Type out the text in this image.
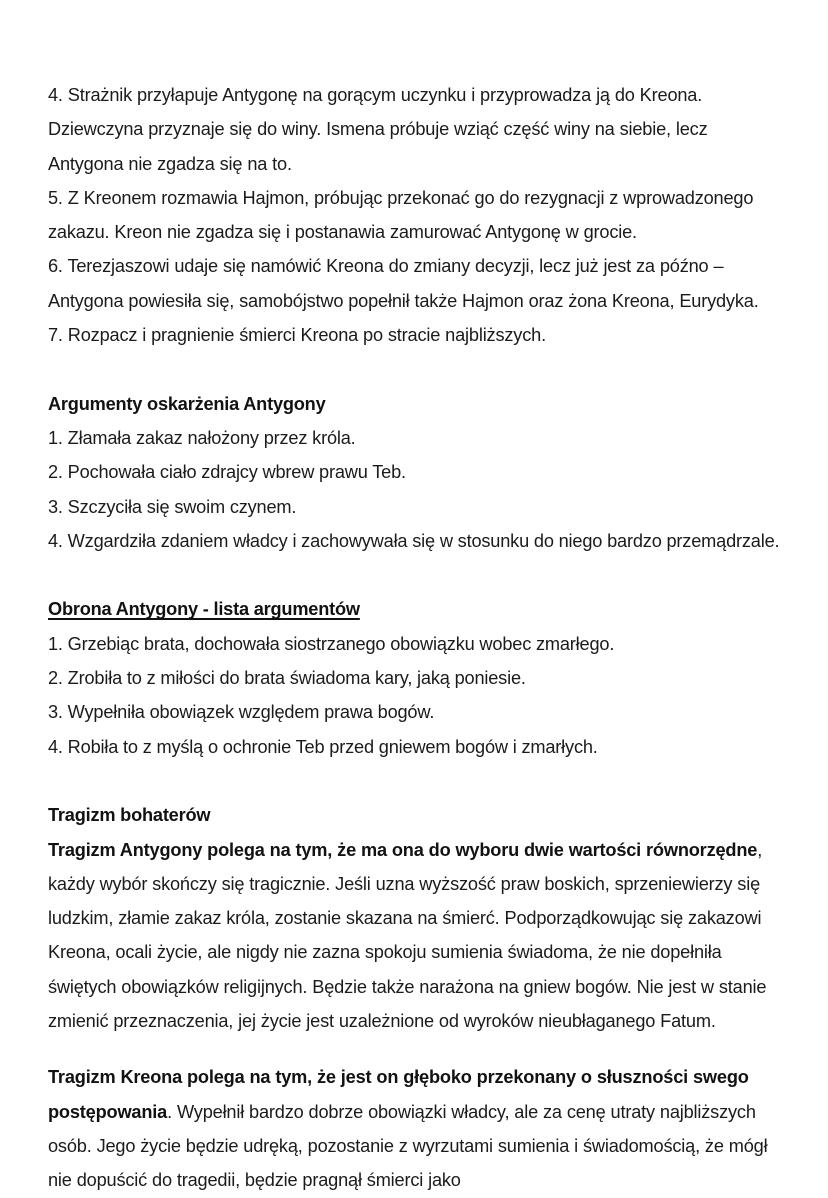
4. Strażnik przyłapuje Antygonę na gorącym uczynku i przyprowadza ją do Kreona. Dziewczyna przyznaje się do winy. Ismena próbuje wziąć część winy na siebie, lecz Antygona nie zgadza się na to.

5. Z Kreonem rozmawia Hajmon, próbując przekonać go do rezygnacji z wprowadzonego zakazu. Kreon nie zgadza się i postanawia zamurować Antygonę w grocie.

6. Terezjaszowi udaje się namówić Kreona do zmiany decyzji, lecz już jest za późno – Antygona powiesiła się, samobójstwo popełnił także Hajmon oraz żona Kreona, Eurydyka.

7. Rozpacz i pragnienie śmierci Kreona po stracie najbliższych.

Argumenty oskarżenia Antygony
1. Złamała zakaz nałożony przez króla.
2. Pochowała ciało zdrajcy wbrew prawu Teb.
3. Szczyciła się swoim czynem.
4. Wzgardziła zdaniem władcy i zachowywała się w stosunku do niego bardzo przemądrzale.
Obrona Antygony - lista argumentów
1. Grzebiąc brata, dochowała siostrzanego obowiązku wobec zmarłego.
2. Zrobiła to z miłości do brata świadoma kary, jaką poniesie.
3. Wypełniła obowiązek względem prawa bogów.
4. Robiła to z myślą o ochronie Teb przed gniewem bogów i zmarłych.
Tragizm bohaterów

Tragizm Antygony polega na tym, że ma ona do wyboru dwie wartości równorzędne, każdy wybór skończy się tragicznie. Jeśli uzna wyższość praw boskich, sprzeniewierzy się ludzkim, złamie zakaz króla, zostanie skazana na śmierć. Podporządkowując się zakazowi Kreona, ocali życie, ale nigdy nie zazna spokoju sumienia świadoma, że nie dopełniła świętych obowiązków religijnych. Będzie także narażona na gniew bogów. Nie jest w stanie zmienić przeznaczenia, jej życie jest uzależnione od wyroków nieubłaganego Fatum.

Tragizm Kreona polega na tym, że jest on głęboko przekonany o słuszności swego postępowania. Wypełnił bardzo dobrze obowiązki władcy, ale za cenę utraty najbliższych osób. Jego życie będzie udręką, pozostanie z wyrzutami sumienia i świadomością, że mógł nie dopuścić do tragedii, będzie pragnął śmierci jako
